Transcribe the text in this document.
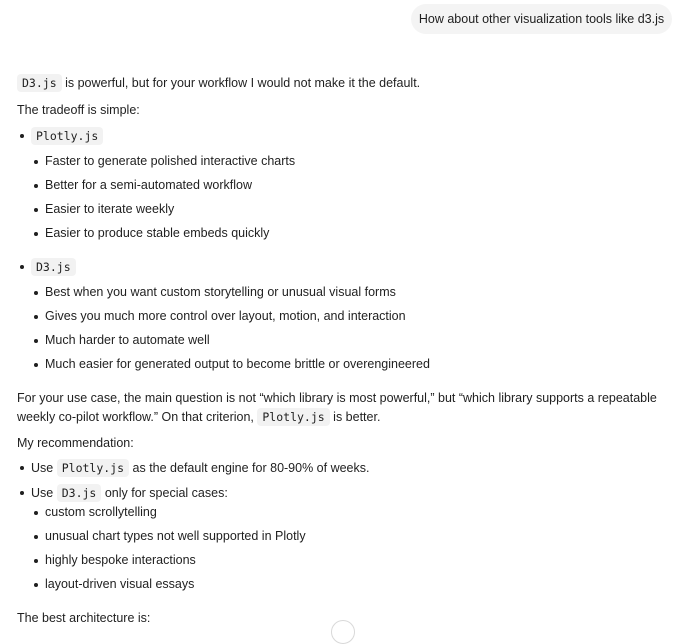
How about other visualization tools like d3.js
D3.js is powerful, but for your workflow I would not make it the default.
The tradeoff is simple:
Plotly.js
Faster to generate polished interactive charts
Better for a semi-automated workflow
Easier to iterate weekly
Easier to produce stable embeds quickly
D3.js
Best when you want custom storytelling or unusual visual forms
Gives you much more control over layout, motion, and interaction
Much harder to automate well
Much easier for generated output to become brittle or overengineered
For your use case, the main question is not “which library is most powerful,” but “which library supports a repeatable
weekly co-pilot workflow.” On that criterion, Plotly.js is better.
My recommendation:
Use Plotly.js as the default engine for 80-90% of weeks.
Use D3.js only for special cases:
custom scrollytelling
unusual chart types not well supported in Plotly
highly bespoke interactions
layout-driven visual essays
The best architecture is:
